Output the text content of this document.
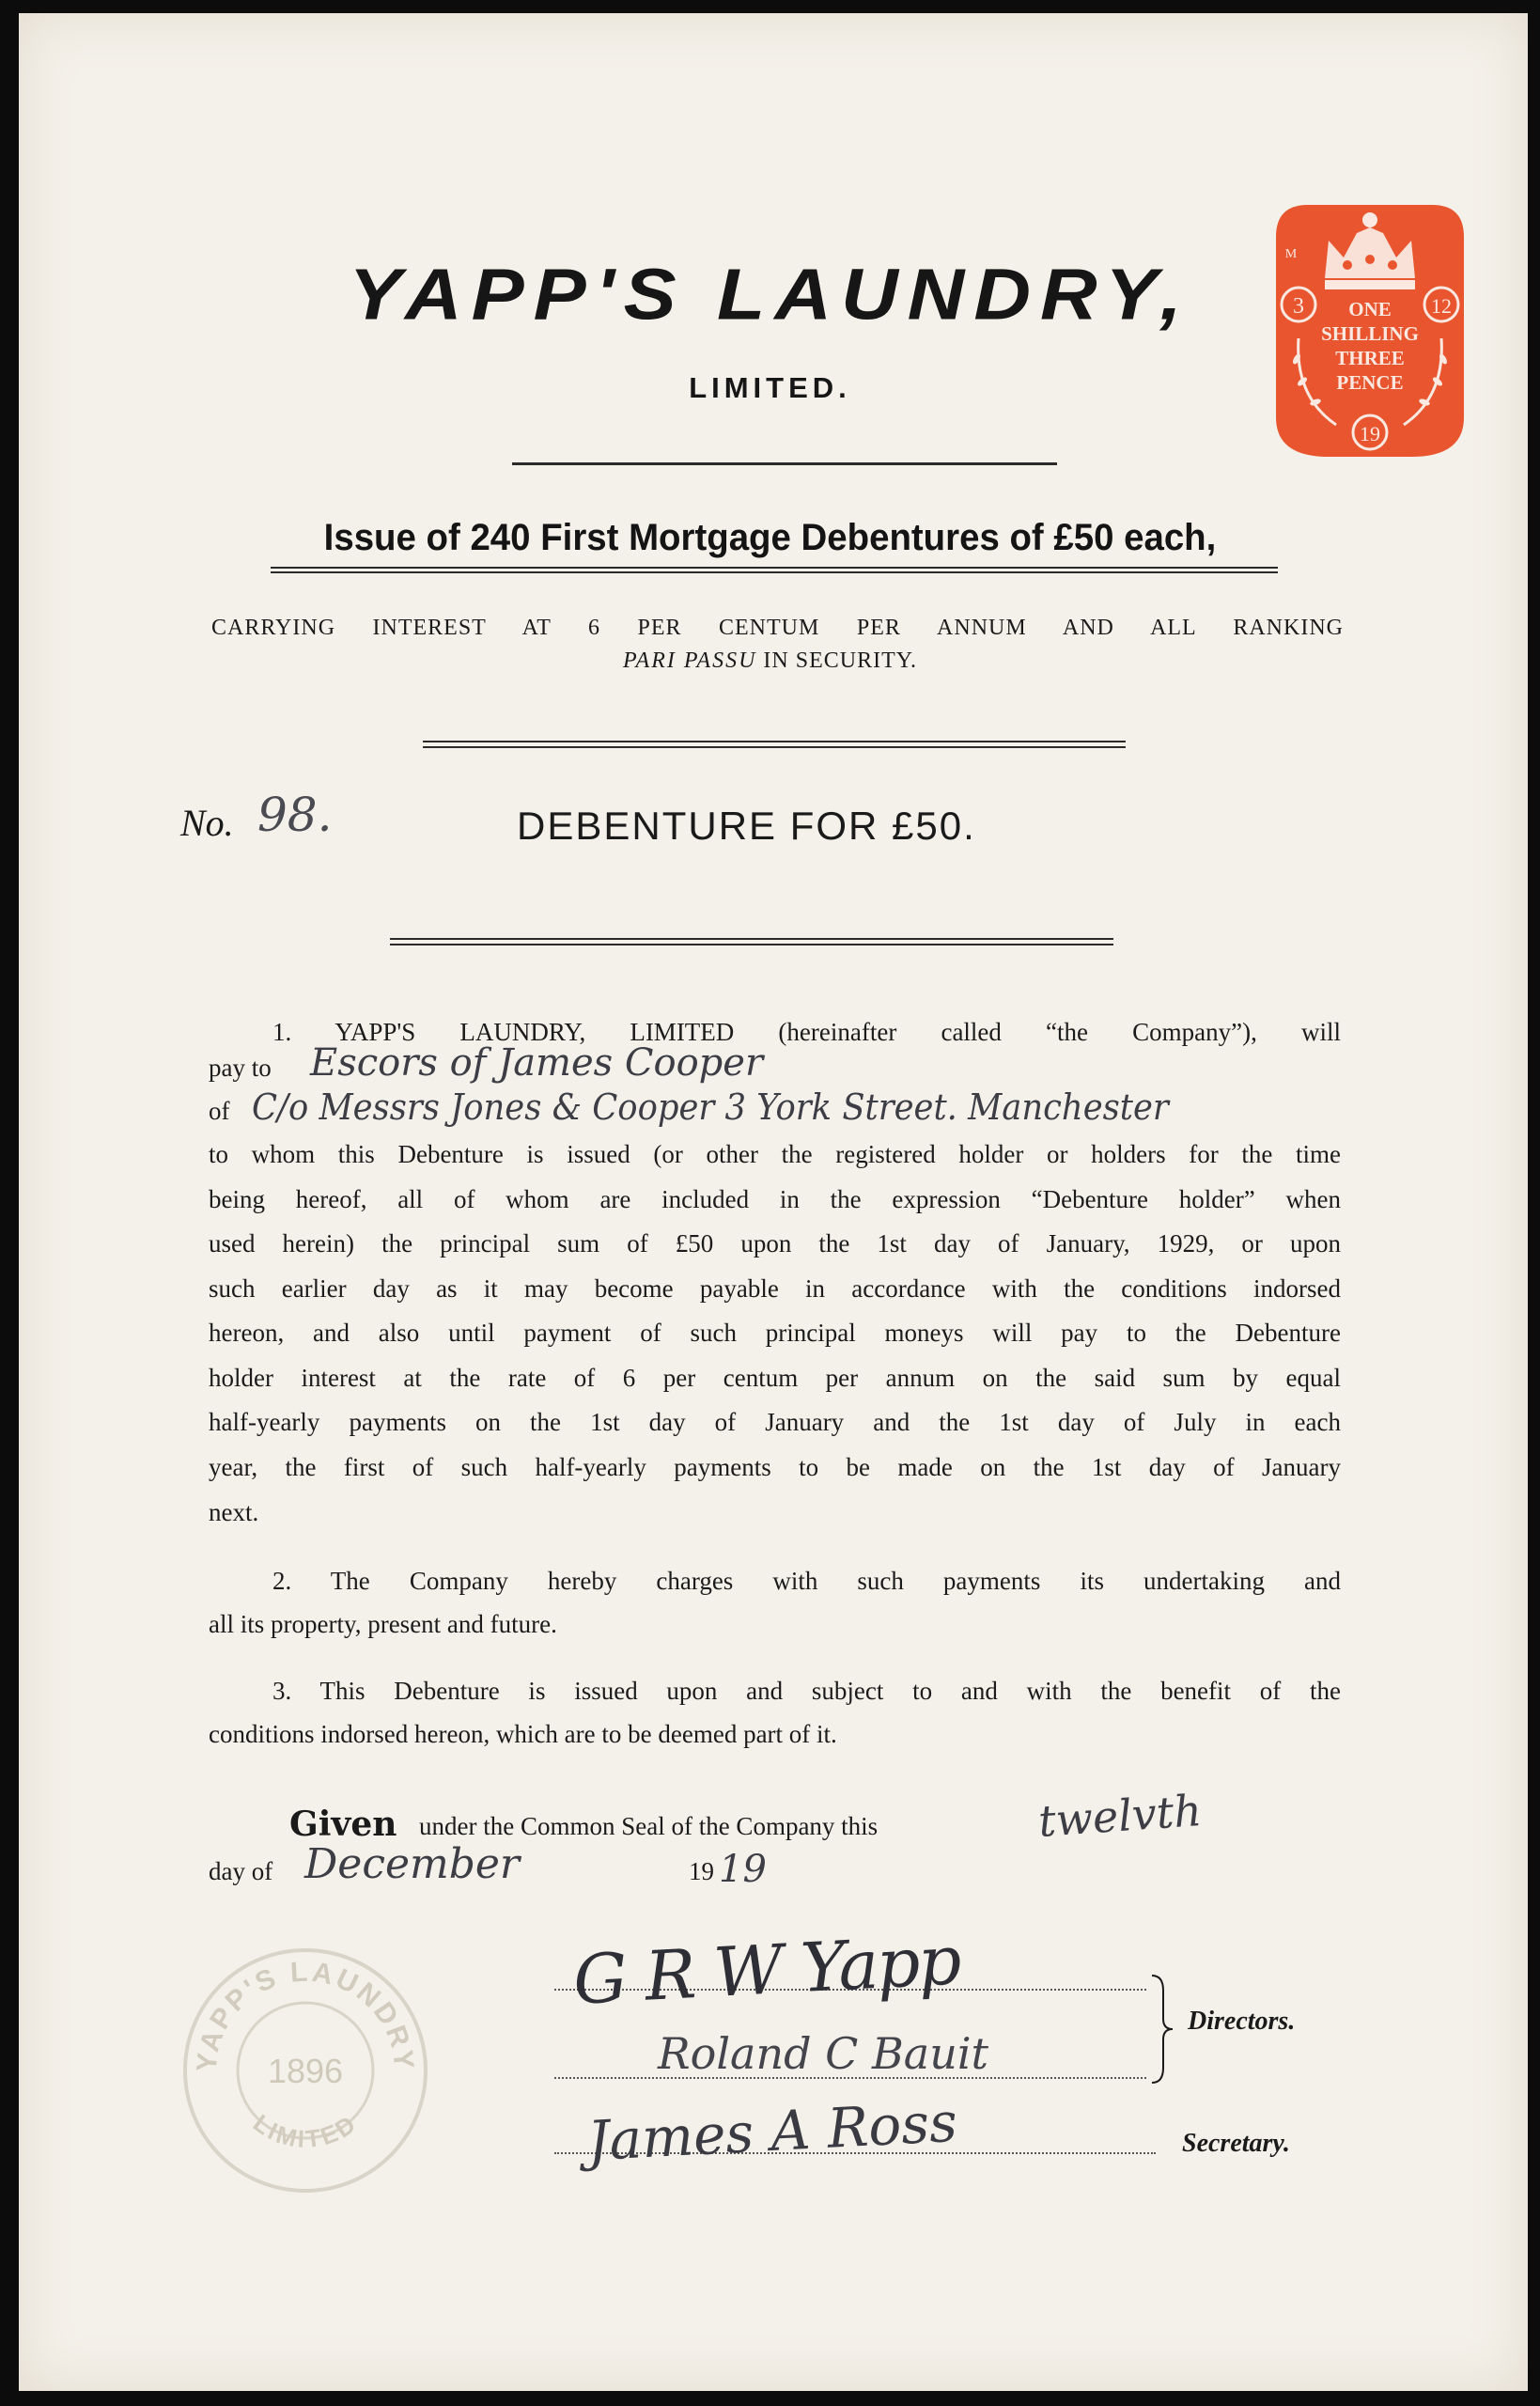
3	12
19
M
ONE
SHILLING
THREE
PENCE
YAPP'S LAUNDRY,
LIMITED.
Issue of 240 First Mortgage Debentures of £50 each,
CARRYING INTEREST AT 6 PER CENTUM PER ANNUM AND ALL RANKING
PARI PASSU IN SECURITY.
No. 98.	DEBENTURE FOR £50.
1. YAPP'S LAUNDRY, LIMITED (hereinafter called “the Company”), will
pay to	Escors of James Cooper
of C/o Messrs Jones & Cooper 3 York Street. Manchester
to whom this Debenture is issued (or other the registered holder or holders for the time
being hereof, all of whom are included in the expression “Debenture holder” when
used herein) the principal sum of £50 upon the 1st day of January, 1929, or upon
such earlier day as it may become payable in accordance with the conditions indorsed
hereon, and also until payment of such principal moneys will pay to the Debenture
holder interest at the rate of 6 per centum per annum on the said sum by equal
half-yearly payments on the 1st day of January and the 1st day of July in each
year, the first of such half-yearly payments to be made on the 1st day of January
next.
2. The Company hereby charges with such payments its undertaking and
all its property, present and future.
3. This Debenture is issued upon and subject to and with the benefit of the
conditions indorsed hereon, which are to be deemed part of it.
Given under the Common Seal of the Company this	twelvth
day of December	19 19
YAPP'S LAUNDRY
LIMITED
1896
G R W Yapp
Roland C Bauit
James A Ross
Directors.
Secretary.
